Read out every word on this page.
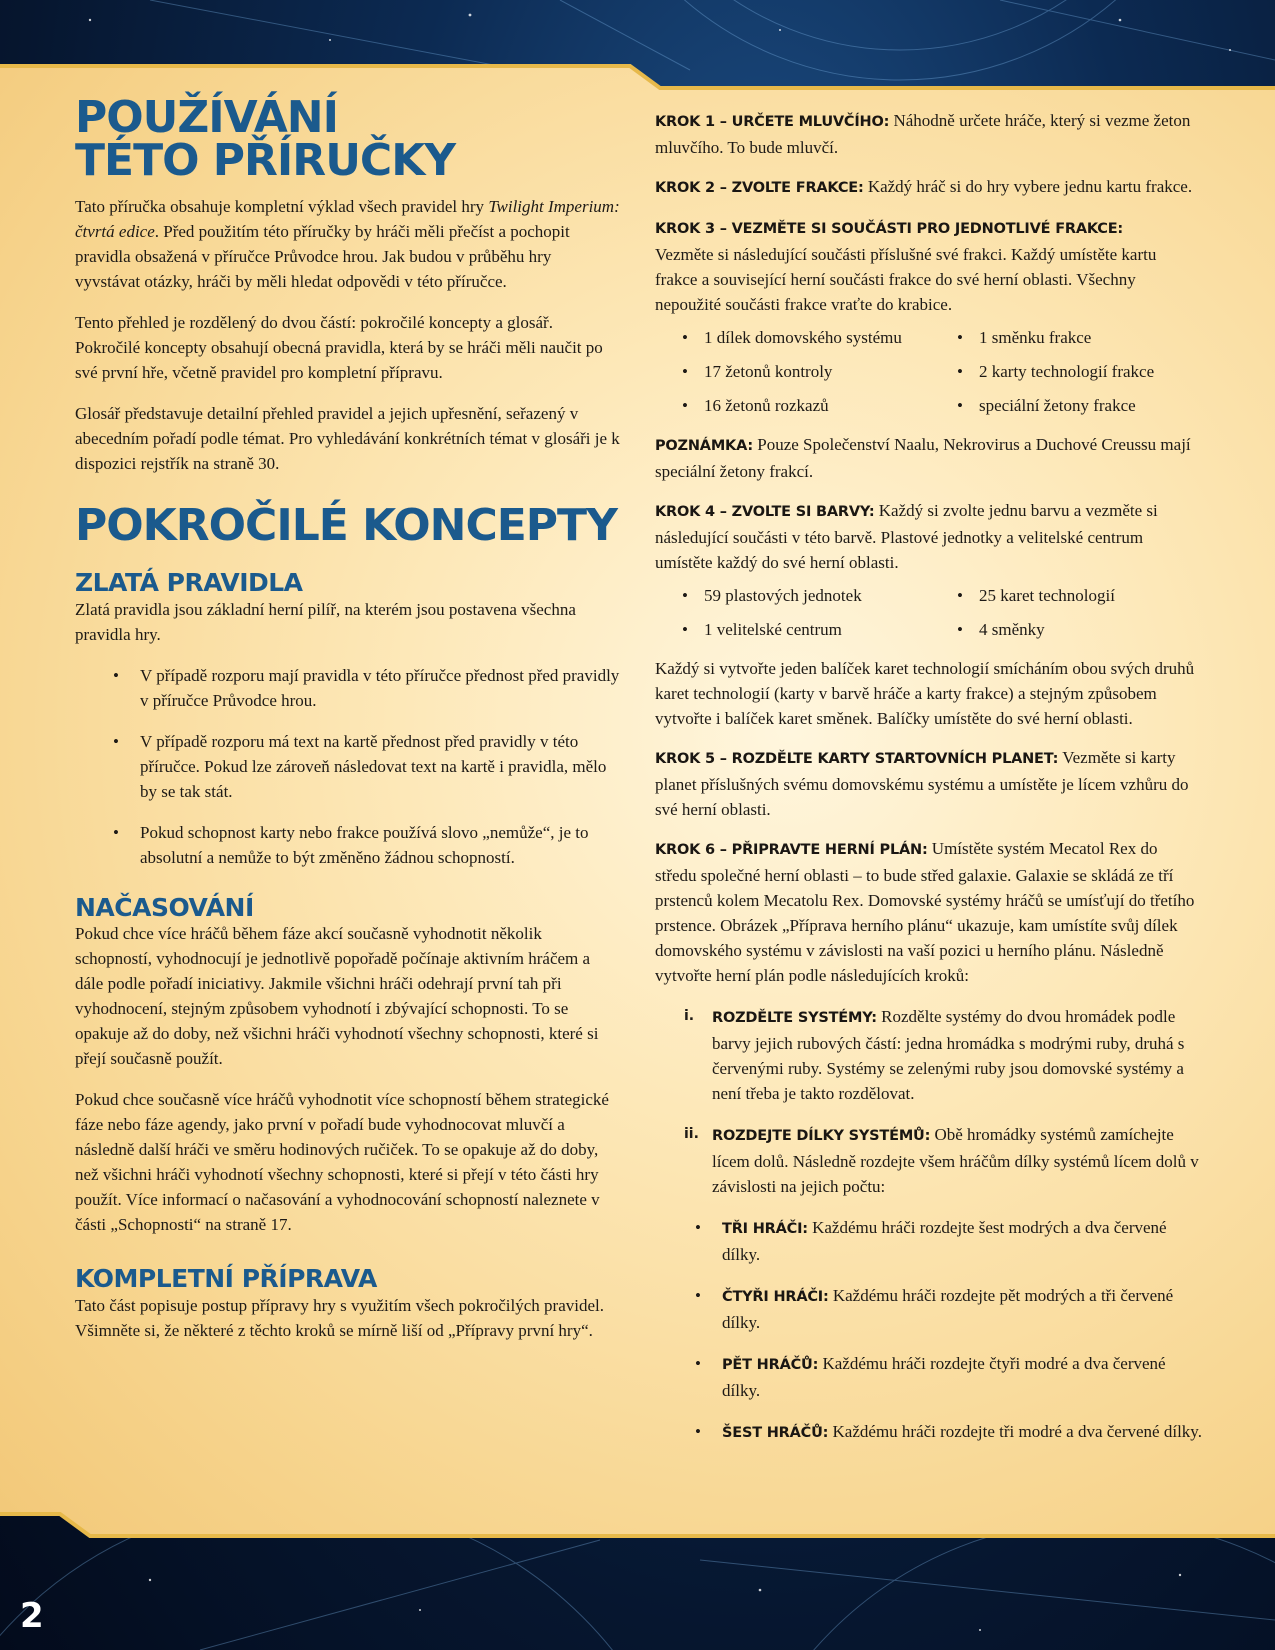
POUŽÍVÁNÍ TÉTO PŘÍRUČKY

Tato příručka obsahuje kompletní výklad všech pravidel hry Twilight Imperium: čtvrtá edice. Před použitím této příručky by hráči měli přečíst a pochopit pravidla obsažená v příručce Průvodce hrou. Jak budou v průběhu hry vyvstávat otázky, hráči by měli hledat odpovědi v této příručce.

Tento přehled je rozdělený do dvou částí: pokročilé koncepty a glosář. Pokročilé koncepty obsahují obecná pravidla, která by se hráči měli naučit po své první hře, včetně pravidel pro kompletní přípravu.

Glosář představuje detailní přehled pravidel a jejich upřesnění, seřazený v abecedním pořadí podle témat. Pro vyhledávání konkrétních témat v glosáři je k dispozici rejstřík na straně 30.

POKROČILÉ KONCEPTY
ZLATÁ PRAVIDLA

Zlatá pravidla jsou základní herní pilíř, na kterém jsou postavena všechna pravidla hry.

• V případě rozporu mají pravidla v této příručce přednost před pravidly v příručce Průvodce hrou.
• V případě rozporu má text na kartě přednost před pravidly v této příručce. Pokud lze zároveň následovat text na kartě i pravidla, mělo by se tak stát.
• Pokud schopnost karty nebo frakce používá slovo „nemůže“, je to absolutní a nemůže to být změněno žádnou schopností.
NAČASOVÁNÍ

Pokud chce více hráčů během fáze akcí současně vyhodnotit několik schopností, vyhodnocují je jednotlivě popořadě počínaje aktivním hráčem a dále podle pořadí iniciativy. Jakmile všichni hráči odehrají první tah při vyhodnocení, stejným způsobem vyhodnotí i zbývající schopnosti. To se opakuje až do doby, než všichni hráči vyhodnotí všechny schopnosti, které si přejí současně použít.

Pokud chce současně více hráčů vyhodnotit více schopností během strategické fáze nebo fáze agendy, jako první v pořadí bude vyhodnocovat mluvčí a následně další hráči ve směru hodinových ručiček. To se opakuje až do doby, než všichni hráči vyhodnotí všechny schopnosti, které si přejí v této části hry použít. Více informací o načasování a vyhodnocování schopností naleznete v části „Schopnosti“ na straně 17.

KOMPLETNÍ PŘÍPRAVA

Tato část popisuje postup přípravy hry s využitím všech pokročilých pravidel. Všimněte si, že některé z těchto kroků se mírně liší od „Přípravy první hry“.

KROK 1 – URČETE MLUVČÍHO: Náhodně určete hráče, který si vezme žeton mluvčího. To bude mluvčí.

KROK 2 – ZVOLTE FRAKCE: Každý hráč si do hry vybere jednu kartu frakce.

KROK 3 – VEZMĚTE SI SOUČÁSTI PRO JEDNOTLIVÉ FRAKCE:
Vezměte si následující součásti příslušné své frakci. Každý umístěte kartu frakce a související herní součásti frakce do své herní oblasti. Všechny nepoužité součásti frakce vraťte do krabice.

• 1 dílek domovského systému	• 1 směnku frakce
• 17 žetonů kontroly	• 2 karty technologií frakce
• 16 žetonů rozkazů	• speciální žetony frakce

POZNÁMKA: Pouze Společenství Naalu, Nekrovirus a Duchové Creussu mají speciální žetony frakcí.

KROK 4 – ZVOLTE SI BARVY: Každý si zvolte jednu barvu a vezměte si následující součásti v této barvě. Plastové jednotky a velitelské centrum umístěte každý do své herní oblasti.

• 59 plastových jednotek	• 25 karet technologií
• 1 velitelské centrum	• 4 směnky

Každý si vytvořte jeden balíček karet technologií smícháním obou svých druhů karet technologií (karty v barvě hráče a karty frakce) a stejným způsobem vytvořte i balíček karet směnek. Balíčky umístěte do své herní oblasti.

KROK 5 – ROZDĚLTE KARTY STARTOVNÍCH PLANET: Vezměte si karty planet příslušných svému domovskému systému a umístěte je lícem vzhůru do své herní oblasti.

KROK 6 – PŘIPRAVTE HERNÍ PLÁN: Umístěte systém Mecatol Rex do středu společné herní oblasti – to bude střed galaxie. Galaxie se skládá ze tří prstenců kolem Mecatolu Rex. Domovské systémy hráčů se umísťují do třetího prstence. Obrázek „Příprava herního plánu“ ukazuje, kam umístíte svůj dílek domovského systému v závislosti na vaší pozici u herního plánu. Následně vytvořte herní plán podle následujících kroků:

i. ROZDĚLTE SYSTÉMY: Rozdělte systémy do dvou hromádek podle barvy jejich rubových částí: jedna hromádka s modrými ruby, druhá s červenými ruby. Systémy se zelenými ruby jsou domovské systémy a není třeba je takto rozdělovat.

ii. ROZDEJTE DÍLKY SYSTÉMŮ: Obě hromádky systémů zamíchejte lícem dolů. Následně rozdejte všem hráčům dílky systémů lícem dolů v závislosti na jejich počtu:

• TŘI HRÁČI: Každému hráči rozdejte šest modrých a dva červené dílky.

• ČTYŘI HRÁČI: Každému hráči rozdejte pět modrých a tři červené dílky.

• PĚT HRÁČŮ: Každému hráči rozdejte čtyři modré a dva červené dílky.

• ŠEST HRÁČŮ: Každému hráči rozdejte tři modré a dva červené dílky.

2
